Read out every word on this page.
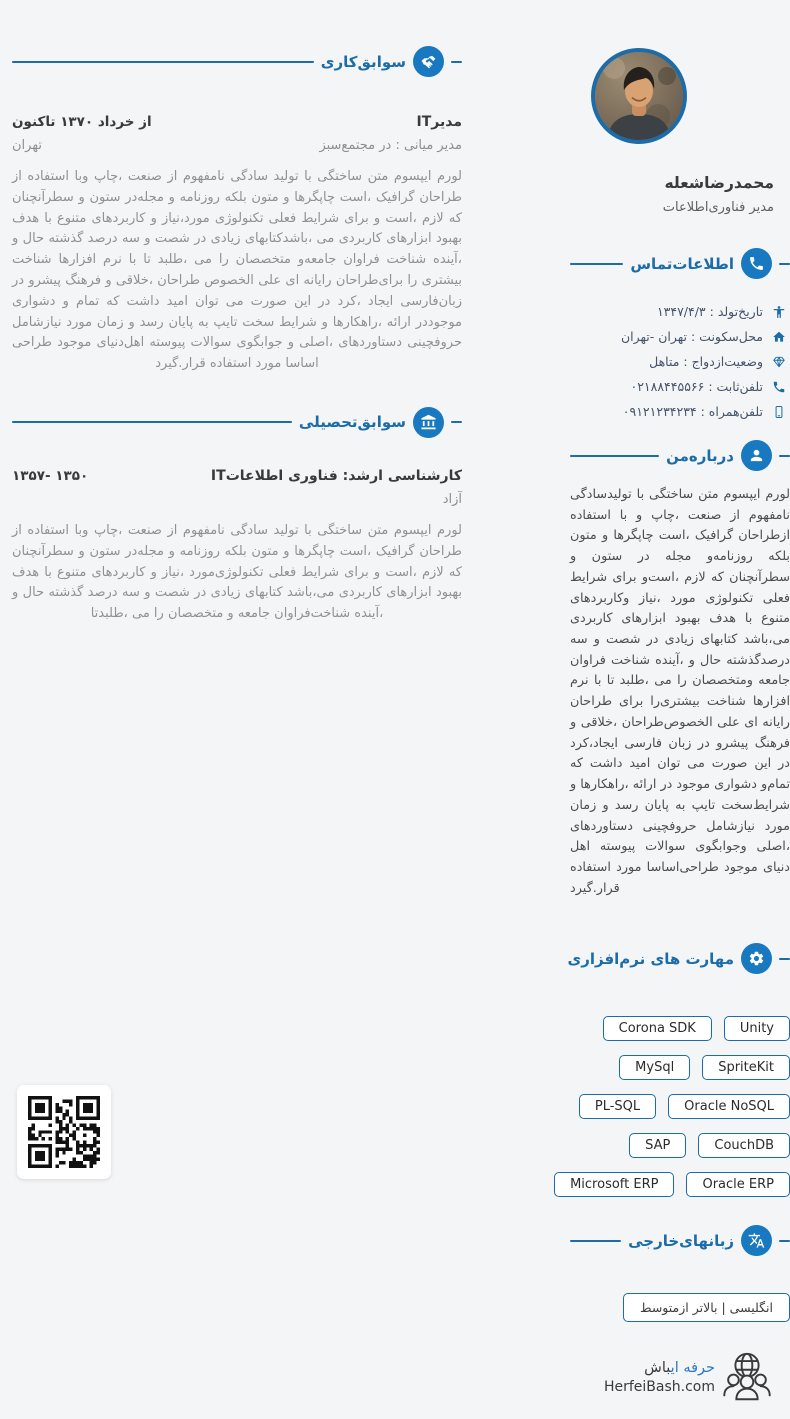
محمدرضاشعله
مدیر فناوری‌اطلاعات
اطلاعات‌تماس
تاریخ‌تولد : ۱۳۴۷/۴/۳
محل‌سکونت : تهران -تهران
وضعیت‌ازدواج : متاهل
تلفن‌ثابت : ۰۲۱۸۸۴۴۵۵۶۶
تلفن‌همراه : ۰۹۱۲۱۲۳۴۲۳۴
درباره‌من
لورم ایپسوم متن ساختگی با تولیدسادگی نامفهوم از صنعت ،چاپ و با استفاده ازطراحان گرافیک ،است چاپگرها و متون بلکه روزنامه‌و مجله در ستون و سطرآنچنان که لازم ،است‌و برای شرایط فعلی تکنولوژی مورد ،نیاز وکاربردهای متنوع با هدف بهبود ابزارهای کاربردی می،باشد کتابهای زیادی در شصت و سه درصدگذشته حال و ،آینده شناخت فراوان جامعه ومتخصصان را می ،طلبد تا با نرم افزارها شناخت بیشتری‌را برای طراحان رایانه ای علی الخصوص‌طراحان ،خلاقی و فرهنگ پیشرو در زبان فارسی ایجاد،کرد در این صورت می توان امید داشت که تمام‌و دشواری موجود در ارائه ،راهکارها و شرایط‌سخت تایپ به پایان رسد و زمان مورد نیازشامل حروفچینی دستاوردهای ،اصلی وجوابگوی سوالات پیوسته اهل دنیای موجود طراحی‌اساسا مورد استفاده قرار.گیرد
مهارت های نرم‌افزاری
Unity
Corona SDK
SpriteKit
MySql
Oracle NoSQL
PL-SQL
CouchDB
SAP
Oracle ERP
Microsoft ERP
زبانهای‌خارجی
انگلیسی | بالاتر ازمتوسط
سوابق‌کاری
مدیرIT
از خرداد ۱۳۷۰ تاکنون
مدیر میانی : در مجتمع‌سبز
تهران
لورم ایپسوم متن ساختگی با تولید سادگی نامفهوم از صنعت ،چاپ وبا استفاده از طراحان گرافیک ،است چاپگرها و متون بلکه روزنامه و مجله‌در ستون و سطرآنچنان که لازم ،است و برای شرایط فعلی تکنولوژی مورد،نیاز و کاربردهای متنوع با هدف بهبود ابزارهای کاربردی می ،باشدکتابهای زیادی در شصت و سه درصد گذشته حال و ،آینده شناخت فراوان جامعه‌و متخصصان را می ،طلبد تا با نرم افزارها شناخت بیشتری را برای‌طراحان رایانه ای علی الخصوص طراحان ،خلاقی و فرهنگ پیشرو در زبان‌فارسی ایجاد ،کرد در این صورت می توان امید داشت که تمام و دشواری موجوددر ارائه ،راهکارها و شرایط سخت تایپ به پایان رسد و زمان مورد نیازشامل حروفچینی دستاوردهای ،اصلی و جوابگوی سوالات پیوسته اهل‌دنیای موجود طراحی اساسا مورد استفاده قرار.گیرد
سوابق‌تحصیلی
کارشناسی ارشد: فناوری اطلاعاتIT
۱۳۵۰ -۱۳۵۷
آزاد
لورم ایپسوم متن ساختگی با تولید سادگی نامفهوم از صنعت ،چاپ وبا استفاده از طراحان گرافیک ،است چاپگرها و متون بلکه روزنامه و مجله‌در ستون و سطرآنچنان که لازم ،است و برای شرایط فعلی تکنولوژی‌مورد ،نیاز و کاربردهای متنوع با هدف بهبود ابزارهای کاربردی می،باشد کتابهای زیادی در شصت و سه درصد گذشته حال و ،آینده شناخت‌فراوان جامعه و متخصصان را می ،طلبدتا
حرفه ایباش
HerfeiBash.com
